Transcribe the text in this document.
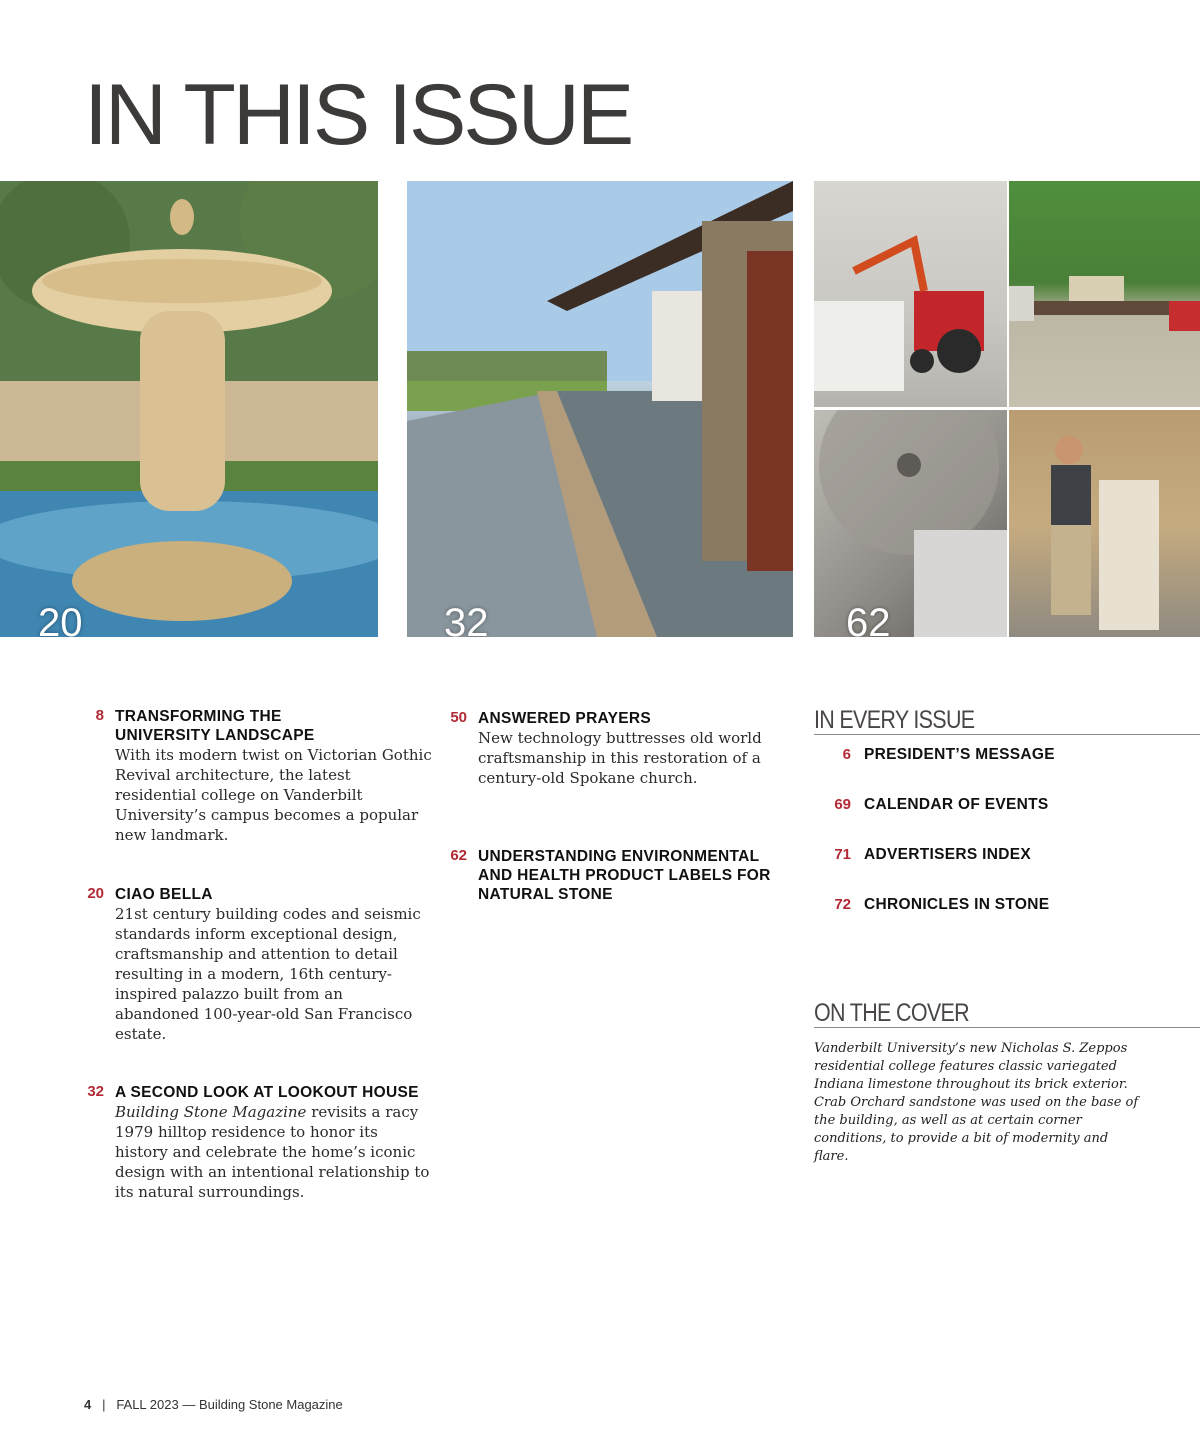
IN THIS ISSUE
20	32	62
8 TRANSFORMING THE UNIVERSITY LANDSCAPE
With its modern twist on Victorian Gothic Revival architecture, the latest residential college on Vanderbilt University’s campus becomes a popular new landmark.
20 CIAO BELLA
21st century building codes and seismic standards inform exceptional design, craftsmanship and attention to detail resulting in a modern, 16th century-inspired palazzo built from an abandoned 100-year-old San Francisco estate.
32 A SECOND LOOK AT LOOKOUT HOUSE
Building Stone Magazine revisits a racy 1979 hilltop residence to honor its history and celebrate the home’s iconic design with an intentional relationship to its natural surroundings.
50 ANSWERED PRAYERS
New technology buttresses old world craftsmanship in this restoration of a century-old Spokane church.
62 UNDERSTANDING ENVIRONMENTAL AND HEALTH PRODUCT LABELS FOR NATURAL STONE
IN EVERY ISSUE
6 PRESIDENT’S MESSAGE
69 CALENDAR OF EVENTS
71 ADVERTISERS INDEX
72 CHRONICLES IN STONE
ON THE COVER

Vanderbilt University’s new Nicholas S. Zeppos residential college features classic variegated Indiana limestone throughout its brick exterior. Crab Orchard sandstone was used on the base of the building, as well as at certain corner conditions, to provide a bit of modernity and flare.

4 | FALL 2023 — Building Stone Magazine
